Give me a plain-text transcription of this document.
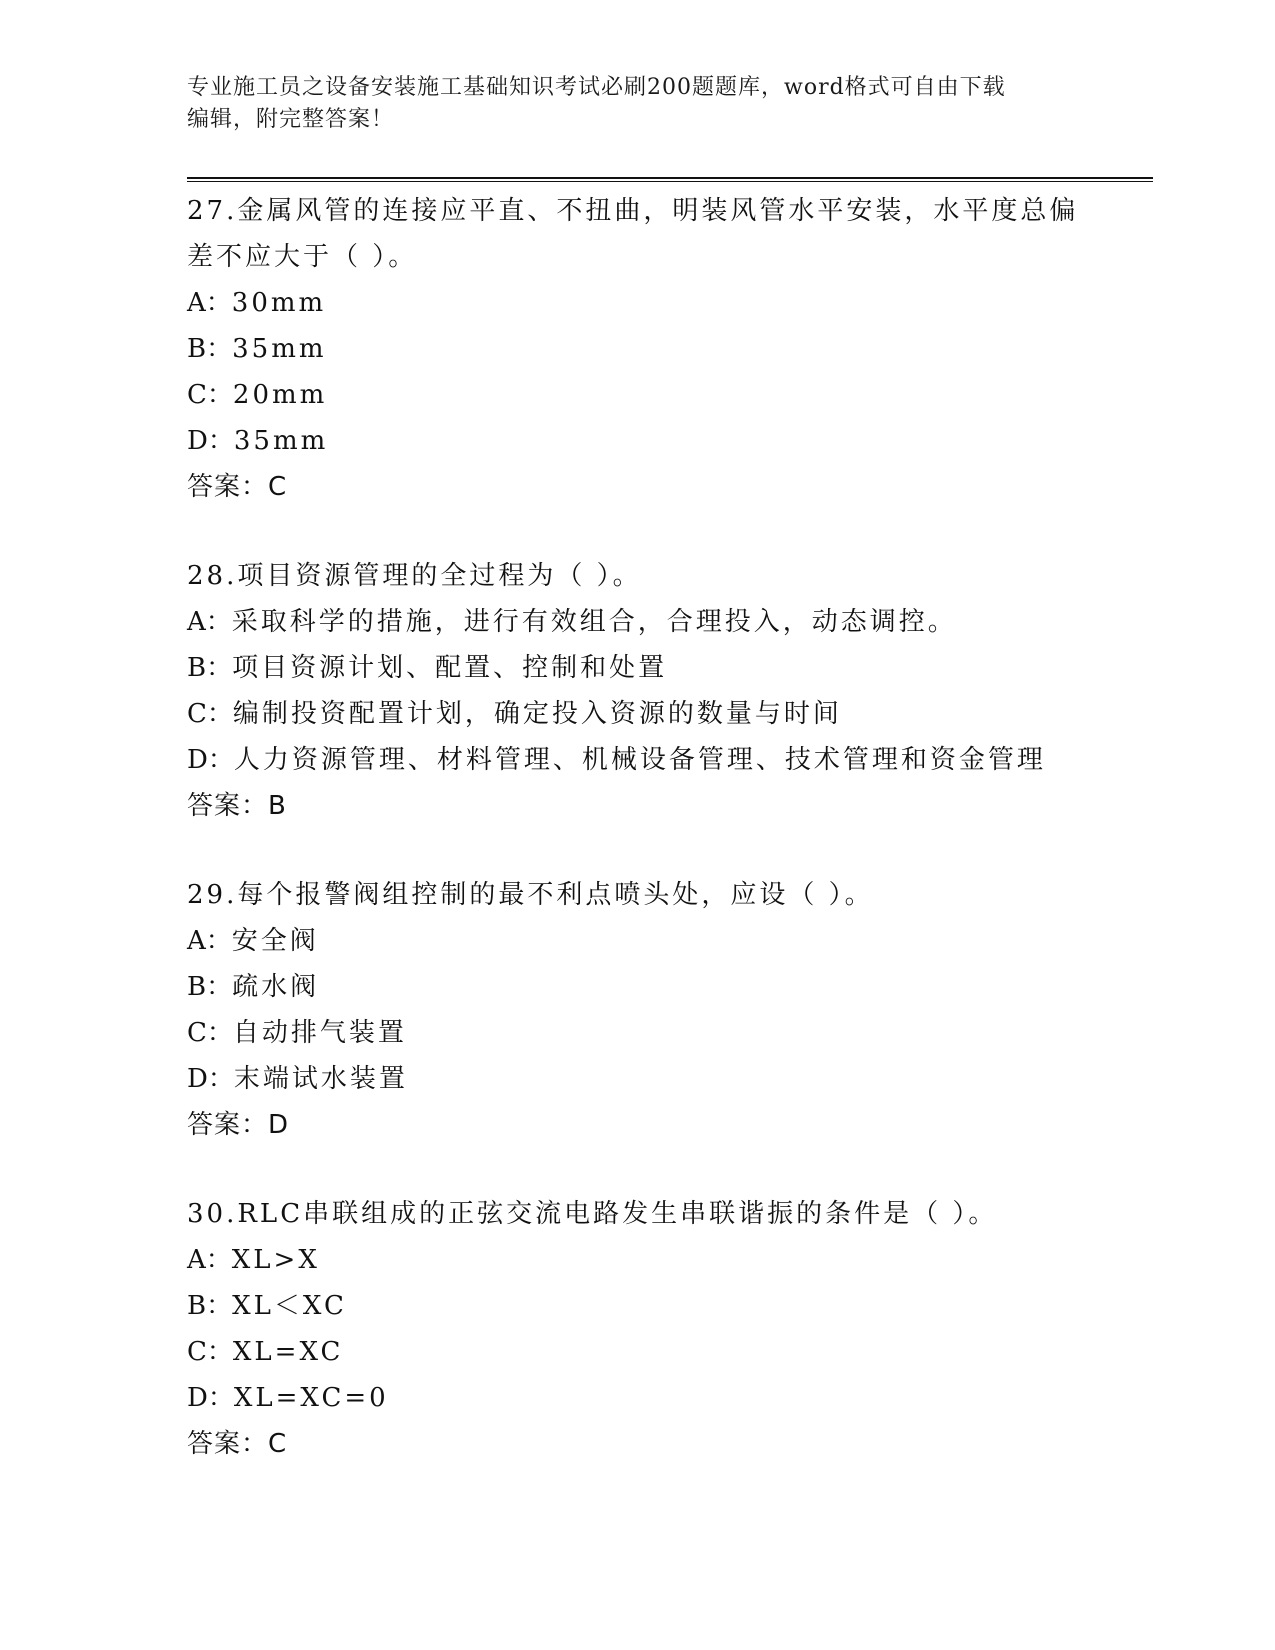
专业施工员之设备安装施工基础知识考试必刷200题题库，word格式可自由下载
编辑，附完整答案！

27.金属风管的连接应平直、不扭曲，明装风管水平安装，水平度总偏

差不应大于（ ）。

A：30mm

B：35mm

C：20mm

D：35mm

答案：C

28.项目资源管理的全过程为（ ）。

A：采取科学的措施，进行有效组合，合理投入，动态调控。

B：项目资源计划、配置、控制和处置

C：编制投资配置计划，确定投入资源的数量与时间

D：人力资源管理、材料管理、机械设备管理、技术管理和资金管理

答案：B

29.每个报警阀组控制的最不利点喷头处，应设（ ）。

A：安全阀

B：疏水阀

C：自动排气装置

D：末端试水装置

答案：D

30.RLC串联组成的正弦交流电路发生串联谐振的条件是（ ）。

A：XL>X

B：XL＜XC

C：XL=XC

D：XL=XC=0

答案：C
